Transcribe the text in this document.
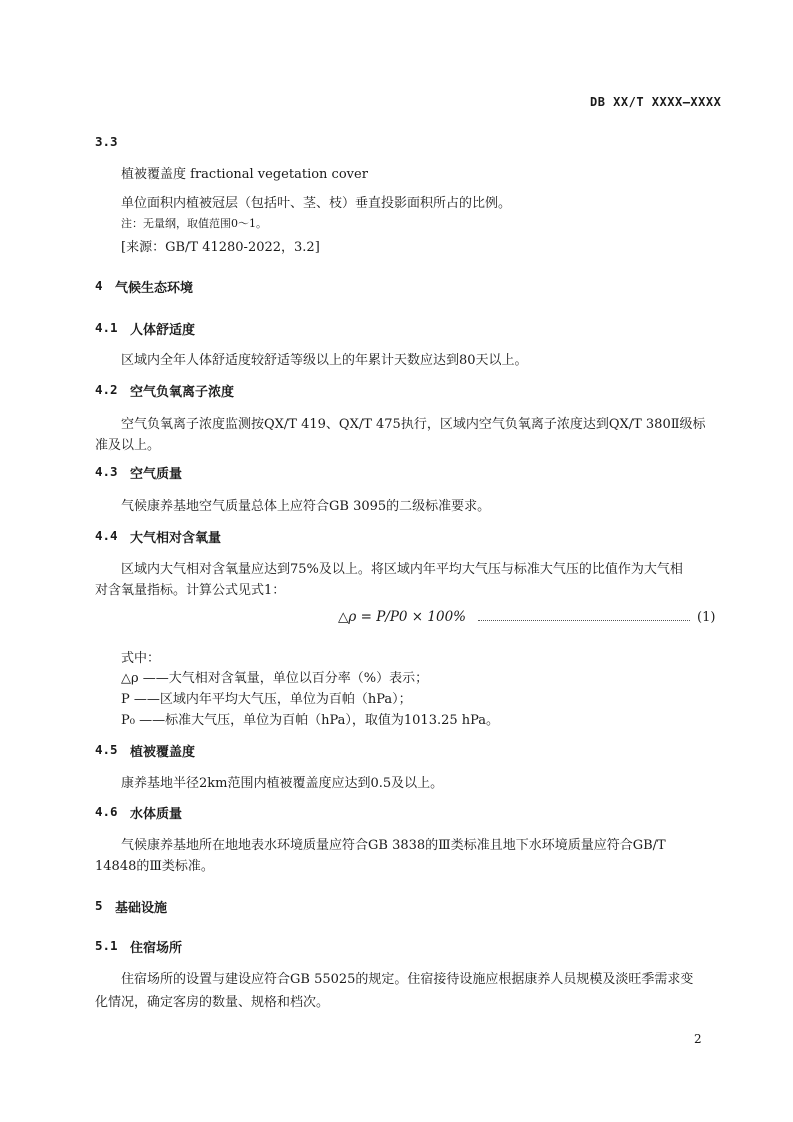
DB XX/T XXXX—XXXX
3.3
植被覆盖度 fractional vegetation cover
单位面积内植被冠层（包括叶、茎、枝）垂直投影面积所占的比例。
注：无量纲，取值范围0～1。
[来源：GB/T 41280-2022，3.2]
4 气候生态环境
4.1 人体舒适度
区域内全年人体舒适度较舒适等级以上的年累计天数应达到80天以上。
4.2 空气负氧离子浓度
空气负氧离子浓度监测按QX/T 419、QX/T 475执行，区域内空气负氧离子浓度达到QX/T 380Ⅱ级标
准及以上。
4.3 空气质量
气候康养基地空气质量总体上应符合GB 3095的二级标准要求。
4.4 大气相对含氧量
区域内大气相对含氧量应达到75%及以上。将区域内年平均大气压与标准大气压的比值作为大气相
对含氧量指标。计算公式见式1：
△ρ = P/P0 × 100%	(1)
式中：
△ρ ——大气相对含氧量，单位以百分率（%）表示；
P ——区域内年平均大气压，单位为百帕（hPa）；
P₀ ——标准大气压，单位为百帕（hPa），取值为1013.25 hPa。
4.5 植被覆盖度
康养基地半径2km范围内植被覆盖度应达到0.5及以上。
4.6 水体质量
气候康养基地所在地地表水环境质量应符合GB 3838的Ⅲ类标准且地下水环境质量应符合GB/T
14848的Ⅲ类标准。
5 基础设施
5.1 住宿场所
住宿场所的设置与建设应符合GB 55025的规定。住宿接待设施应根据康养人员规模及淡旺季需求变
化情况，确定客房的数量、规格和档次。
2
